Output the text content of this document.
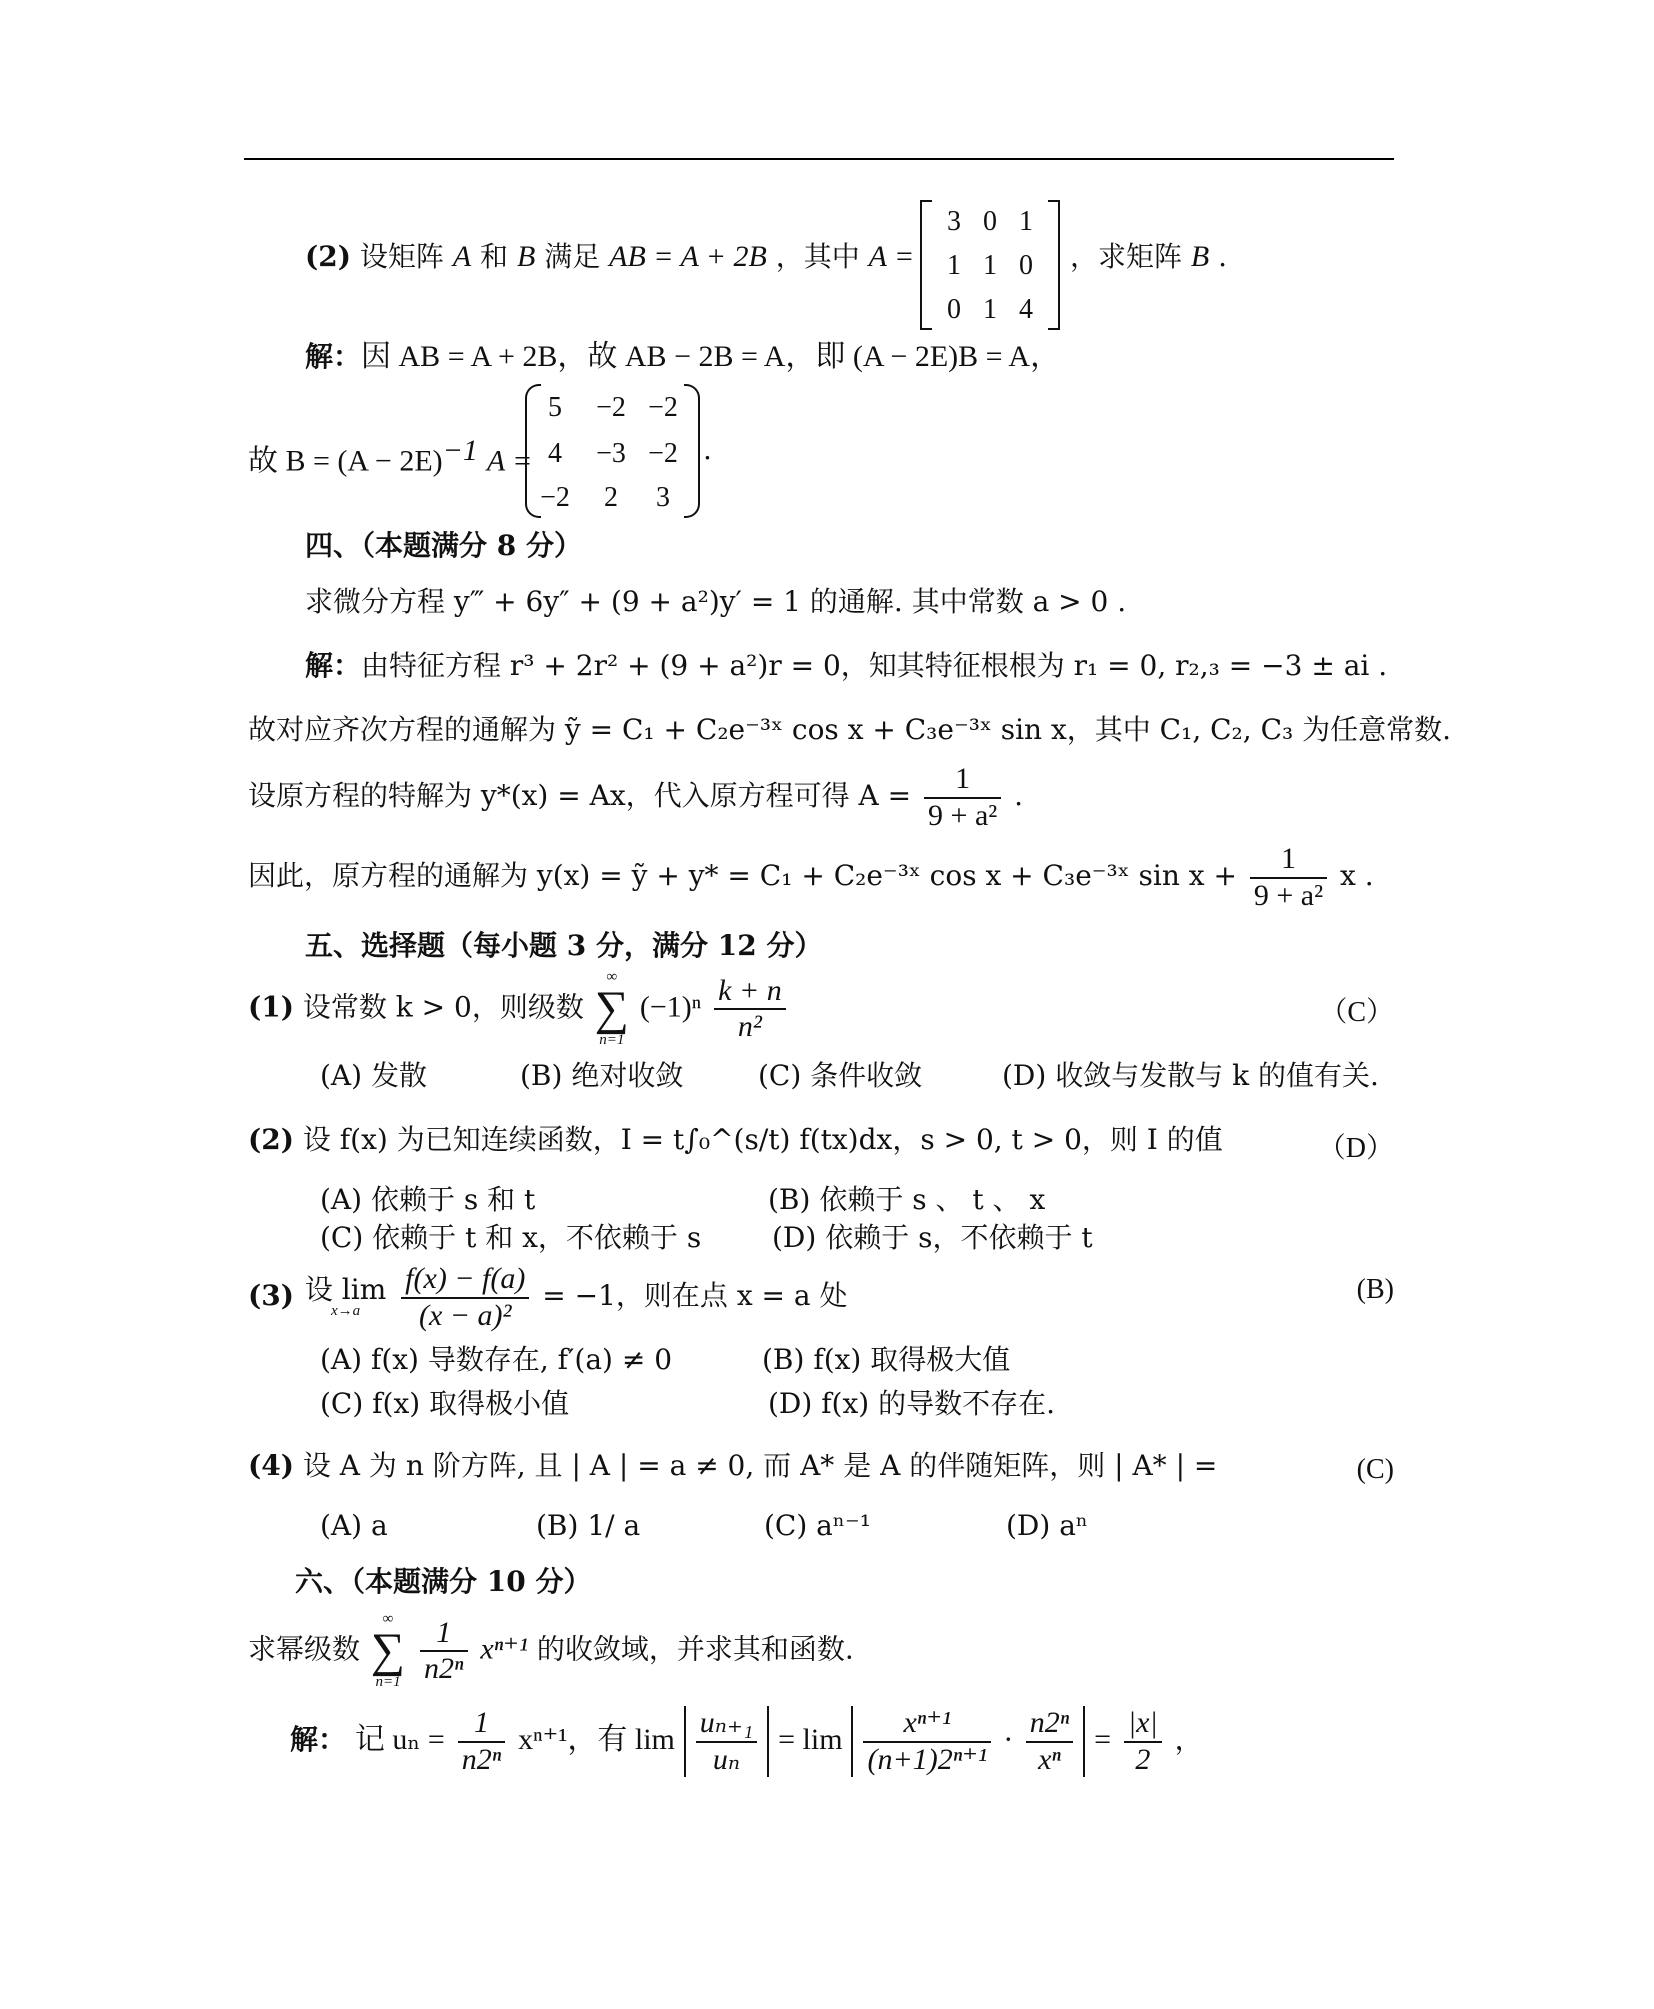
(2) 设矩阵 A 和 B 满足 AB = A + 2B ，其中 A =
3 0 1
1 1 0
0 1 4
，求矩阵 B .
解：因 AB = A + 2B，故 AB − 2B = A，即 (A − 2E)B = A，
故 $B = (A - 2E)^{-1}$ A =
5	−2 −2
4	−3 −2
−2	2	3
.
四、（本题满分 8 分）
求微分方程 y‴ + 6y″ + (9 + a²)y′ = 1 的通解. 其中常数 a > 0 .
解：由特征方程 r³ + 2r² + (9 + a²)r = 0，知其特征根根为 r₁ = 0, r₂,₃ = −3 ± ai .
故对应齐次方程的通解为 ỹ = C₁ + C₂e⁻³ˣ cos x + C₃e⁻³ˣ sin x，其中 C₁, C₂, C₃ 为任意常数.
设原方程的特解为 y*(x) = Ax，代入原方程可得 $A = \frac{1}{\text{9 + a²}}$ .
因此，原方程的通解为 y(x) = ỹ + y* = C₁ + C₂e⁻³ˣ cos x + C₃e⁻³ˣ $\sin x + \frac{1}{\text{9 + a²}}$ x .
五、选择题（每小题 3 分，满分 12 分）
(1) 设常数 k > 0，则级数
∞
∑
n=1
$(-1)^n \frac{k + n}{\text{n²}}$	（C）
(A) 发散	(B) 绝对收敛	(C) 条件收敛	(D) 收敛与发散与 k 的值有关.
(2) 设 f(x) 为已知连续函数，I = t∫₀^(s/t) f(tx)dx，s > 0, t > 0，则 I 的值	（D）
(A) 依赖于 s 和 t	(B) 依赖于 s 、 t 、 x
(C) 依赖于 t 和 x，不依赖于 s	(D) 依赖于 s，不依赖于 t
(3) 设 lim
x→a
	$\frac{f(x) - f(a)}{\text{(x − a)²}} = -1$，则在点 x = a 处	(B)
(A) f(x) 导数存在, f′(a) ≠ 0	(B) f(x) 取得极大值
(C) f(x) 取得极小值	(D) f(x) 的导数不存在.
(4) 设 A 为 n 阶方阵, 且 | A | = a ≠ 0, 而 A* 是 A 的伴随矩阵，则 | A* | =	(C)
(A) a	(B) 1/ a	(C) aⁿ⁻¹	(D) aⁿ
六、（本题满分 10 分）
求幂级数
∞
∑
n=1
$\frac{1}{\text{n2ⁿ}} x^{n+1}$ 的收敛域，并求其和函数.
解： 记 $u_n = \frac{1}{\text{n2ⁿ}} x^{n+1}$，有 $\lim \frac{\text{uₙ₊₁}}{\text{uₙ}} = \lim \frac{\text{xⁿ⁺¹}}{\text{(n+1)2ⁿ⁺¹}} \cdot \frac{\text{n2ⁿ}}{\text{xⁿ}} = \frac{|x|}{2}$ ，
